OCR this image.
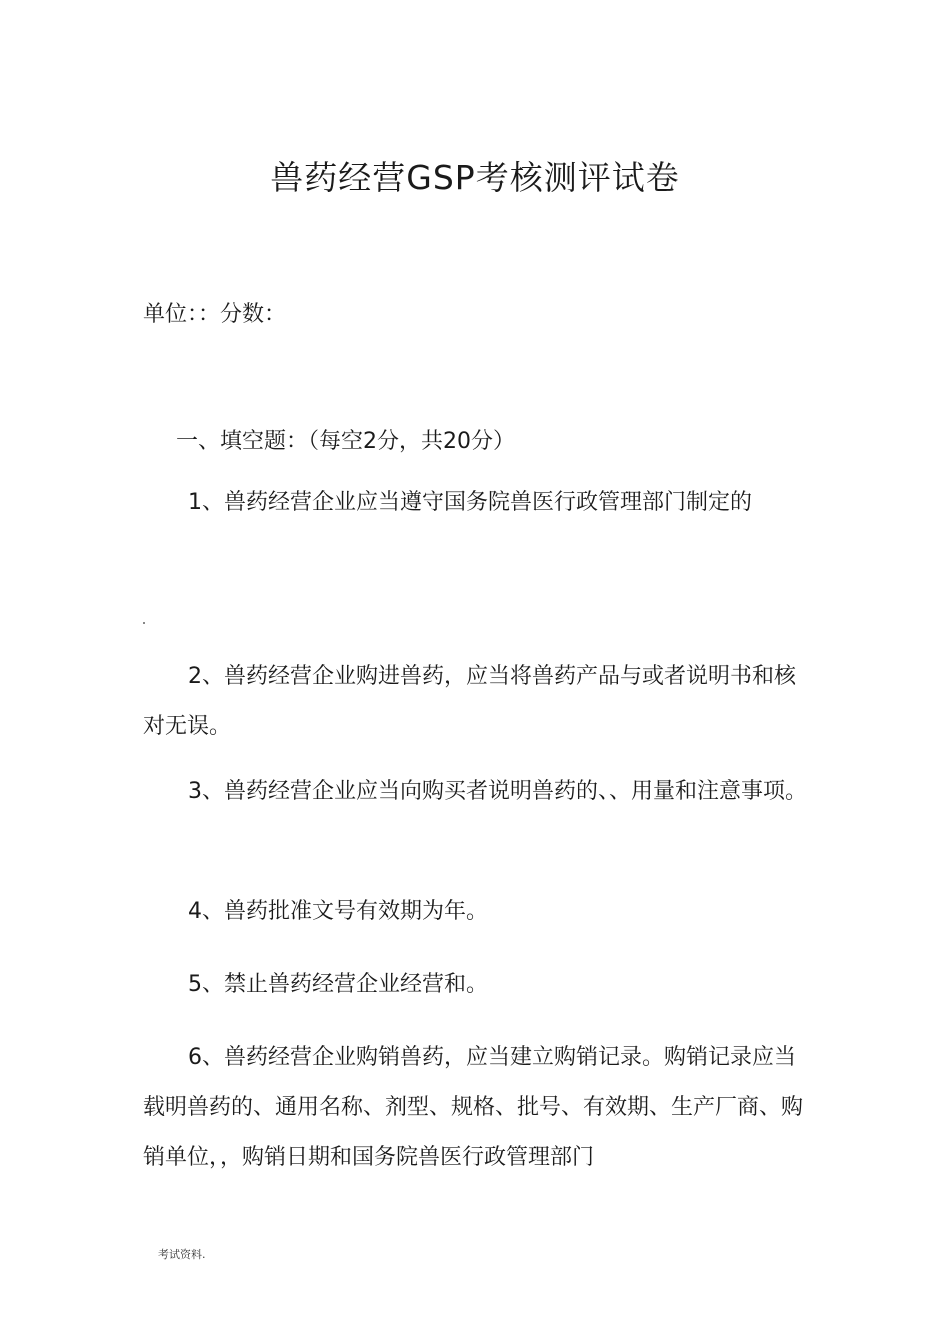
兽药经营GSP考核测评试卷
单位：：分数：
一、填空题：（每空2分，共20分）
1、兽药经营企业应当遵守国务院兽医行政管理部门制定的
2、兽药经营企业购进兽药，应当将兽药产品与或者说明书和核对无误。
3、兽药经营企业应当向购买者说明兽药的、、用量和注意事项。
4、兽药批准文号有效期为年。
5、禁止兽药经营企业经营和。
6、兽药经营企业购销兽药，应当建立购销记录。购销记录应当载明兽药的、通用名称、剂型、规格、批号、有效期、生产厂商、购销单位，，购销日期和国务院兽医行政管理部门
考试资料.
